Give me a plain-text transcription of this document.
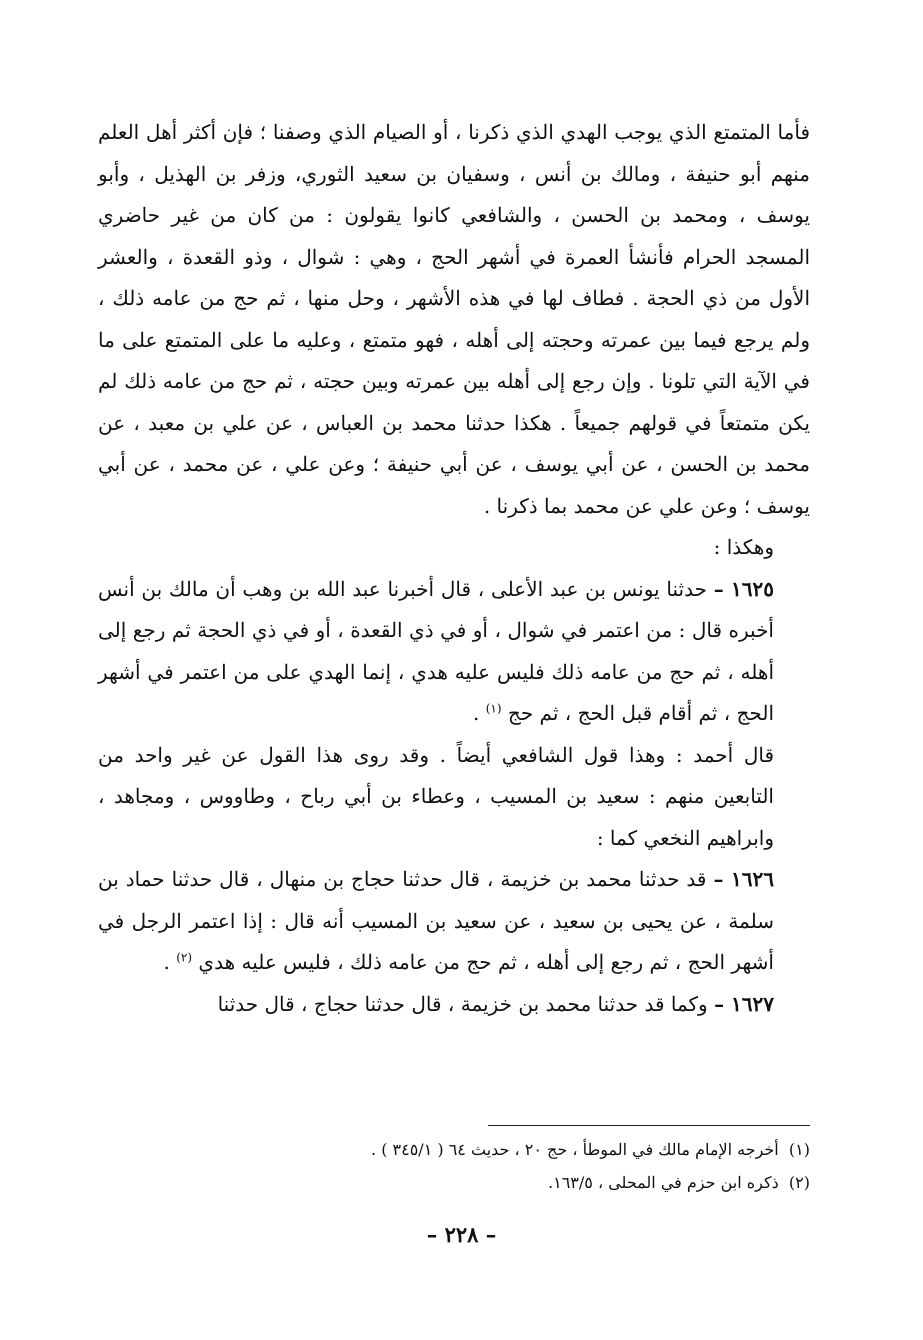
فأما المتمتع الذي يوجب الهدي الذي ذكرنا ، أو الصيام الذي وصفنا ؛ فإن أكثر أهل العلم منهم أبو حنيفة ، ومالك بن أنس ، وسفيان بن سعيد الثوري، وزفر بن الهذيل ، وأبو يوسف ، ومحمد بن الحسن ، والشافعي كانوا يقولون : من كان من غير حاضري المسجد الحرام فأنشأ العمرة في أشهر الحج ، وهي : شوال ، وذو القعدة ، والعشر الأول من ذي الحجة . فطاف لها في هذه الأشهر ، وحل منها ، ثم حج من عامه ذلك ، ولم يرجع فيما بين عمرته وحجته إلى أهله ، فهو متمتع ، وعليه ما على المتمتع على ما في الآية التي تلونا . وإن رجع إلى أهله بين عمرته وبين حجته ، ثم حج من عامه ذلك لم يكن متمتعاً في قولهم جميعاً . هكذا حدثنا محمد بن العباس ، عن علي بن معبد ، عن محمد بن الحسن ، عن أبي يوسف ، عن أبي حنيفة ؛ وعن علي ، عن محمد ، عن أبي يوسف ؛ وعن علي عن محمد بما ذكرنا .

وهكذا :

١٦٢٥ – حدثنا يونس بن عبد الأعلى ، قال أخبرنا عبد الله بن وهب أن مالك بن أنس أخبره قال : من اعتمر في شوال ، أو في ذي القعدة ، أو في ذي الحجة ثم رجع إلى أهله ، ثم حج من عامه ذلك فليس عليه هدي ، إنما الهدي على من اعتمر في أشهر الحج ، ثم أقام قبل الحج ، ثم حج $^{(١)}$ .

قال أحمد : وهذا قول الشافعي أيضاً . وقد روى هذا القول عن غير واحد من التابعين منهم : سعيد بن المسيب ، وعطاء بن أبي رباح ، وطاووس ، ومجاهد ، وابراهيم النخعي كما :

١٦٢٦ – قد حدثنا محمد بن خزيمة ، قال حدثنا حجاج بن منهال ، قال حدثنا حماد بن سلمة ، عن يحيى بن سعيد ، عن سعيد بن المسيب أنه قال : إذا اعتمر الرجل في أشهر الحج ، ثم رجع إلى أهله ، ثم حج من عامه ذلك ، فليس عليه هدي $^{(٢)}$ .

١٦٢٧ – وكما قد حدثنا محمد بن خزيمة ، قال حدثنا حجاج ، قال حدثنا

(١)  أخرجه الإمام مالك في الموطأ ، حج ٢٠ ، حديث ٦٤ ( ٣٤٥/١ ) .

(٢)  ذكره ابن حزم في المحلى ، ١٦٣/٥.

– ٢٢٨ –
